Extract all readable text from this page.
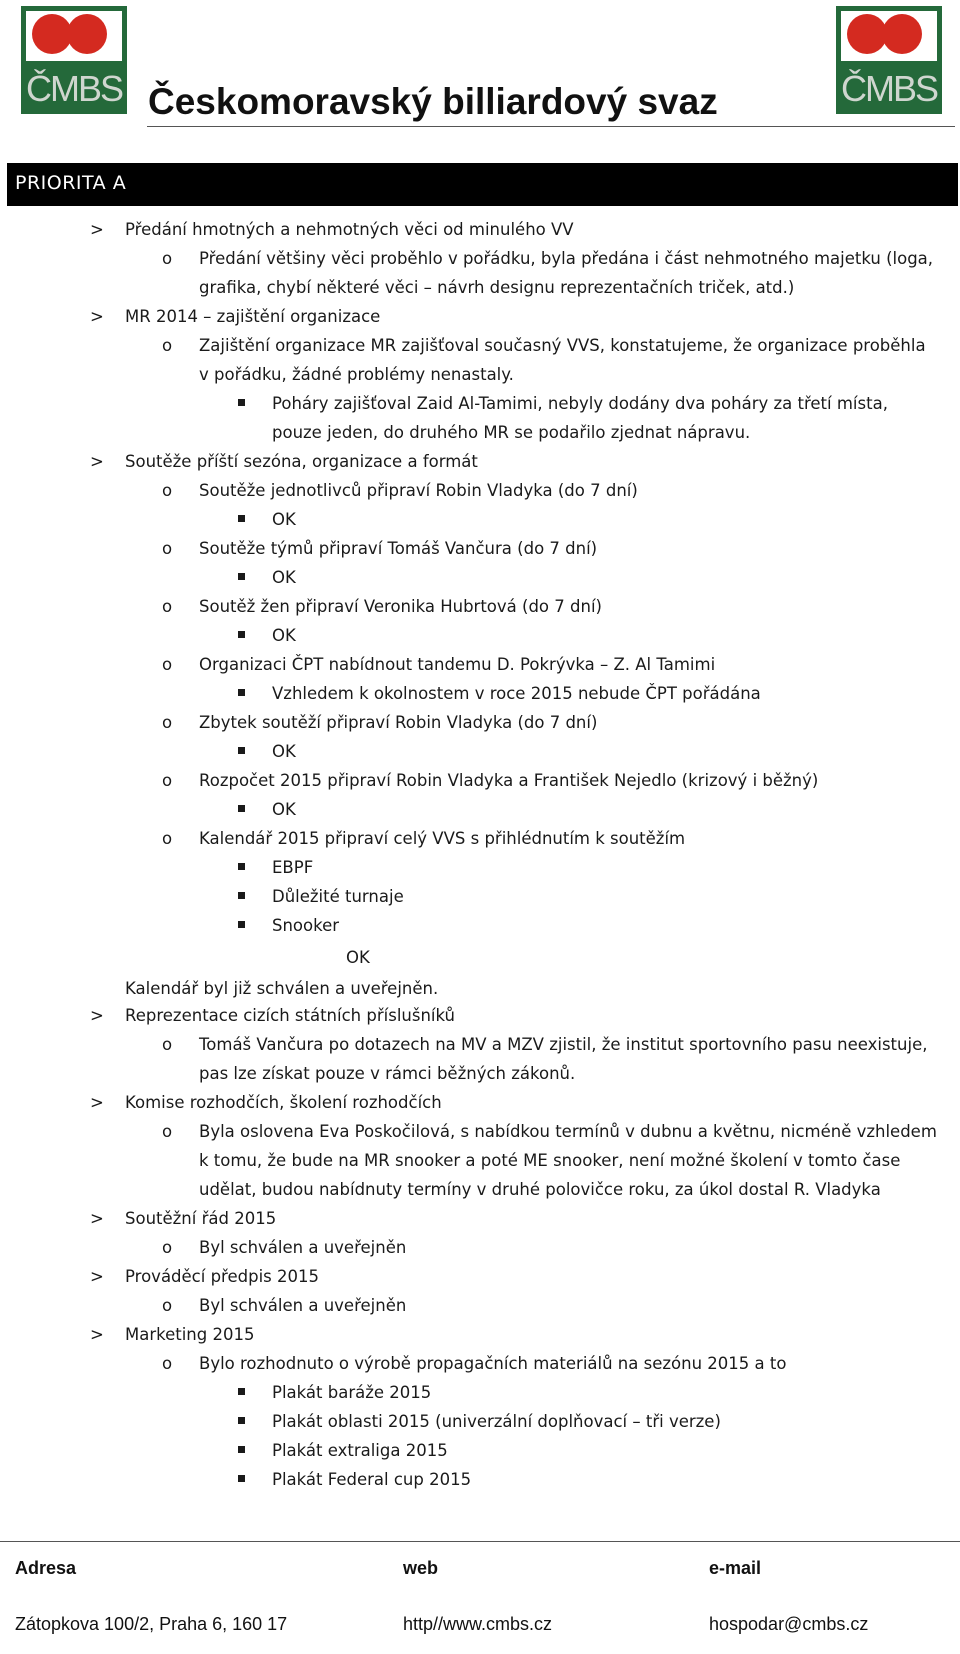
ČMBS	ČMBS
Českomoravský billiardový svaz
PRIORITA A
> Předání hmotných a nehmotných věci od minulého VV
o Předání většiny věci proběhlo v pořádku, byla předána i část nehmotného majetku (loga, grafika, chybí některé věci – návrh designu reprezentačních triček, atd.)
> MR 2014 – zajištění organizace
o Zajištění organizace MR zajišťoval současný VVS, konstatujeme, že organizace proběhla v pořádku, žádné problémy nenastaly.
Poháry zajišťoval Zaid Al-Tamimi, nebyly dodány dva poháry za třetí místa, pouze jeden, do druhého MR se podařilo zjednat nápravu.
> Soutěže příští sezóna, organizace a formát
o Soutěže jednotlivců připraví Robin Vladyka (do 7 dní)
OK
o Soutěže týmů připraví Tomáš Vančura (do 7 dní)
OK
o Soutěž žen připraví Veronika Hubrtová (do 7 dní)
OK
o Organizaci ČPT nabídnout tandemu D. Pokrývka – Z. Al Tamimi
Vzhledem k okolnostem v roce 2015 nebude ČPT pořádána
o Zbytek soutěží připraví Robin Vladyka (do 7 dní)
OK
o Rozpočet 2015 připraví Robin Vladyka a František Nejedlo (krizový i běžný)
OK
o Kalendář 2015 připraví celý VVS s přihlédnutím k soutěžím
EBPF
Důležité turnaje
Snooker
OK
Kalendář byl již schválen a uveřejněn.
> Reprezentace cizích státních příslušníků
o Tomáš Vančura po dotazech na MV a MZV zjistil, že institut sportovního pasu neexistuje, pas lze získat pouze v rámci běžných zákonů.
> Komise rozhodčích, školení rozhodčích
o Byla oslovena Eva Poskočilová, s nabídkou termínů v dubnu a květnu, nicméně vzhledem k tomu, že bude na MR snooker a poté ME snooker, není možné školení v tomto čase udělat, budou nabídnuty termíny v druhé polovičce roku, za úkol dostal R. Vladyka
> Soutěžní řád 2015
o Byl schválen a uveřejněn
> Prováděcí předpis 2015
o Byl schválen a uveřejněn
> Marketing 2015
o Bylo rozhodnuto o výrobě propagačních materiálů na sezónu 2015 a to
Plakát baráže 2015
Plakát oblasti 2015 (univerzální doplňovací – tři verze)
Plakát extraliga 2015
Plakát Federal cup 2015
Adresa	web	e-mail
Zátopkova 100/2, Praha 6, 160 17	http//www.cmbs.cz	hospodar@cmbs.cz
